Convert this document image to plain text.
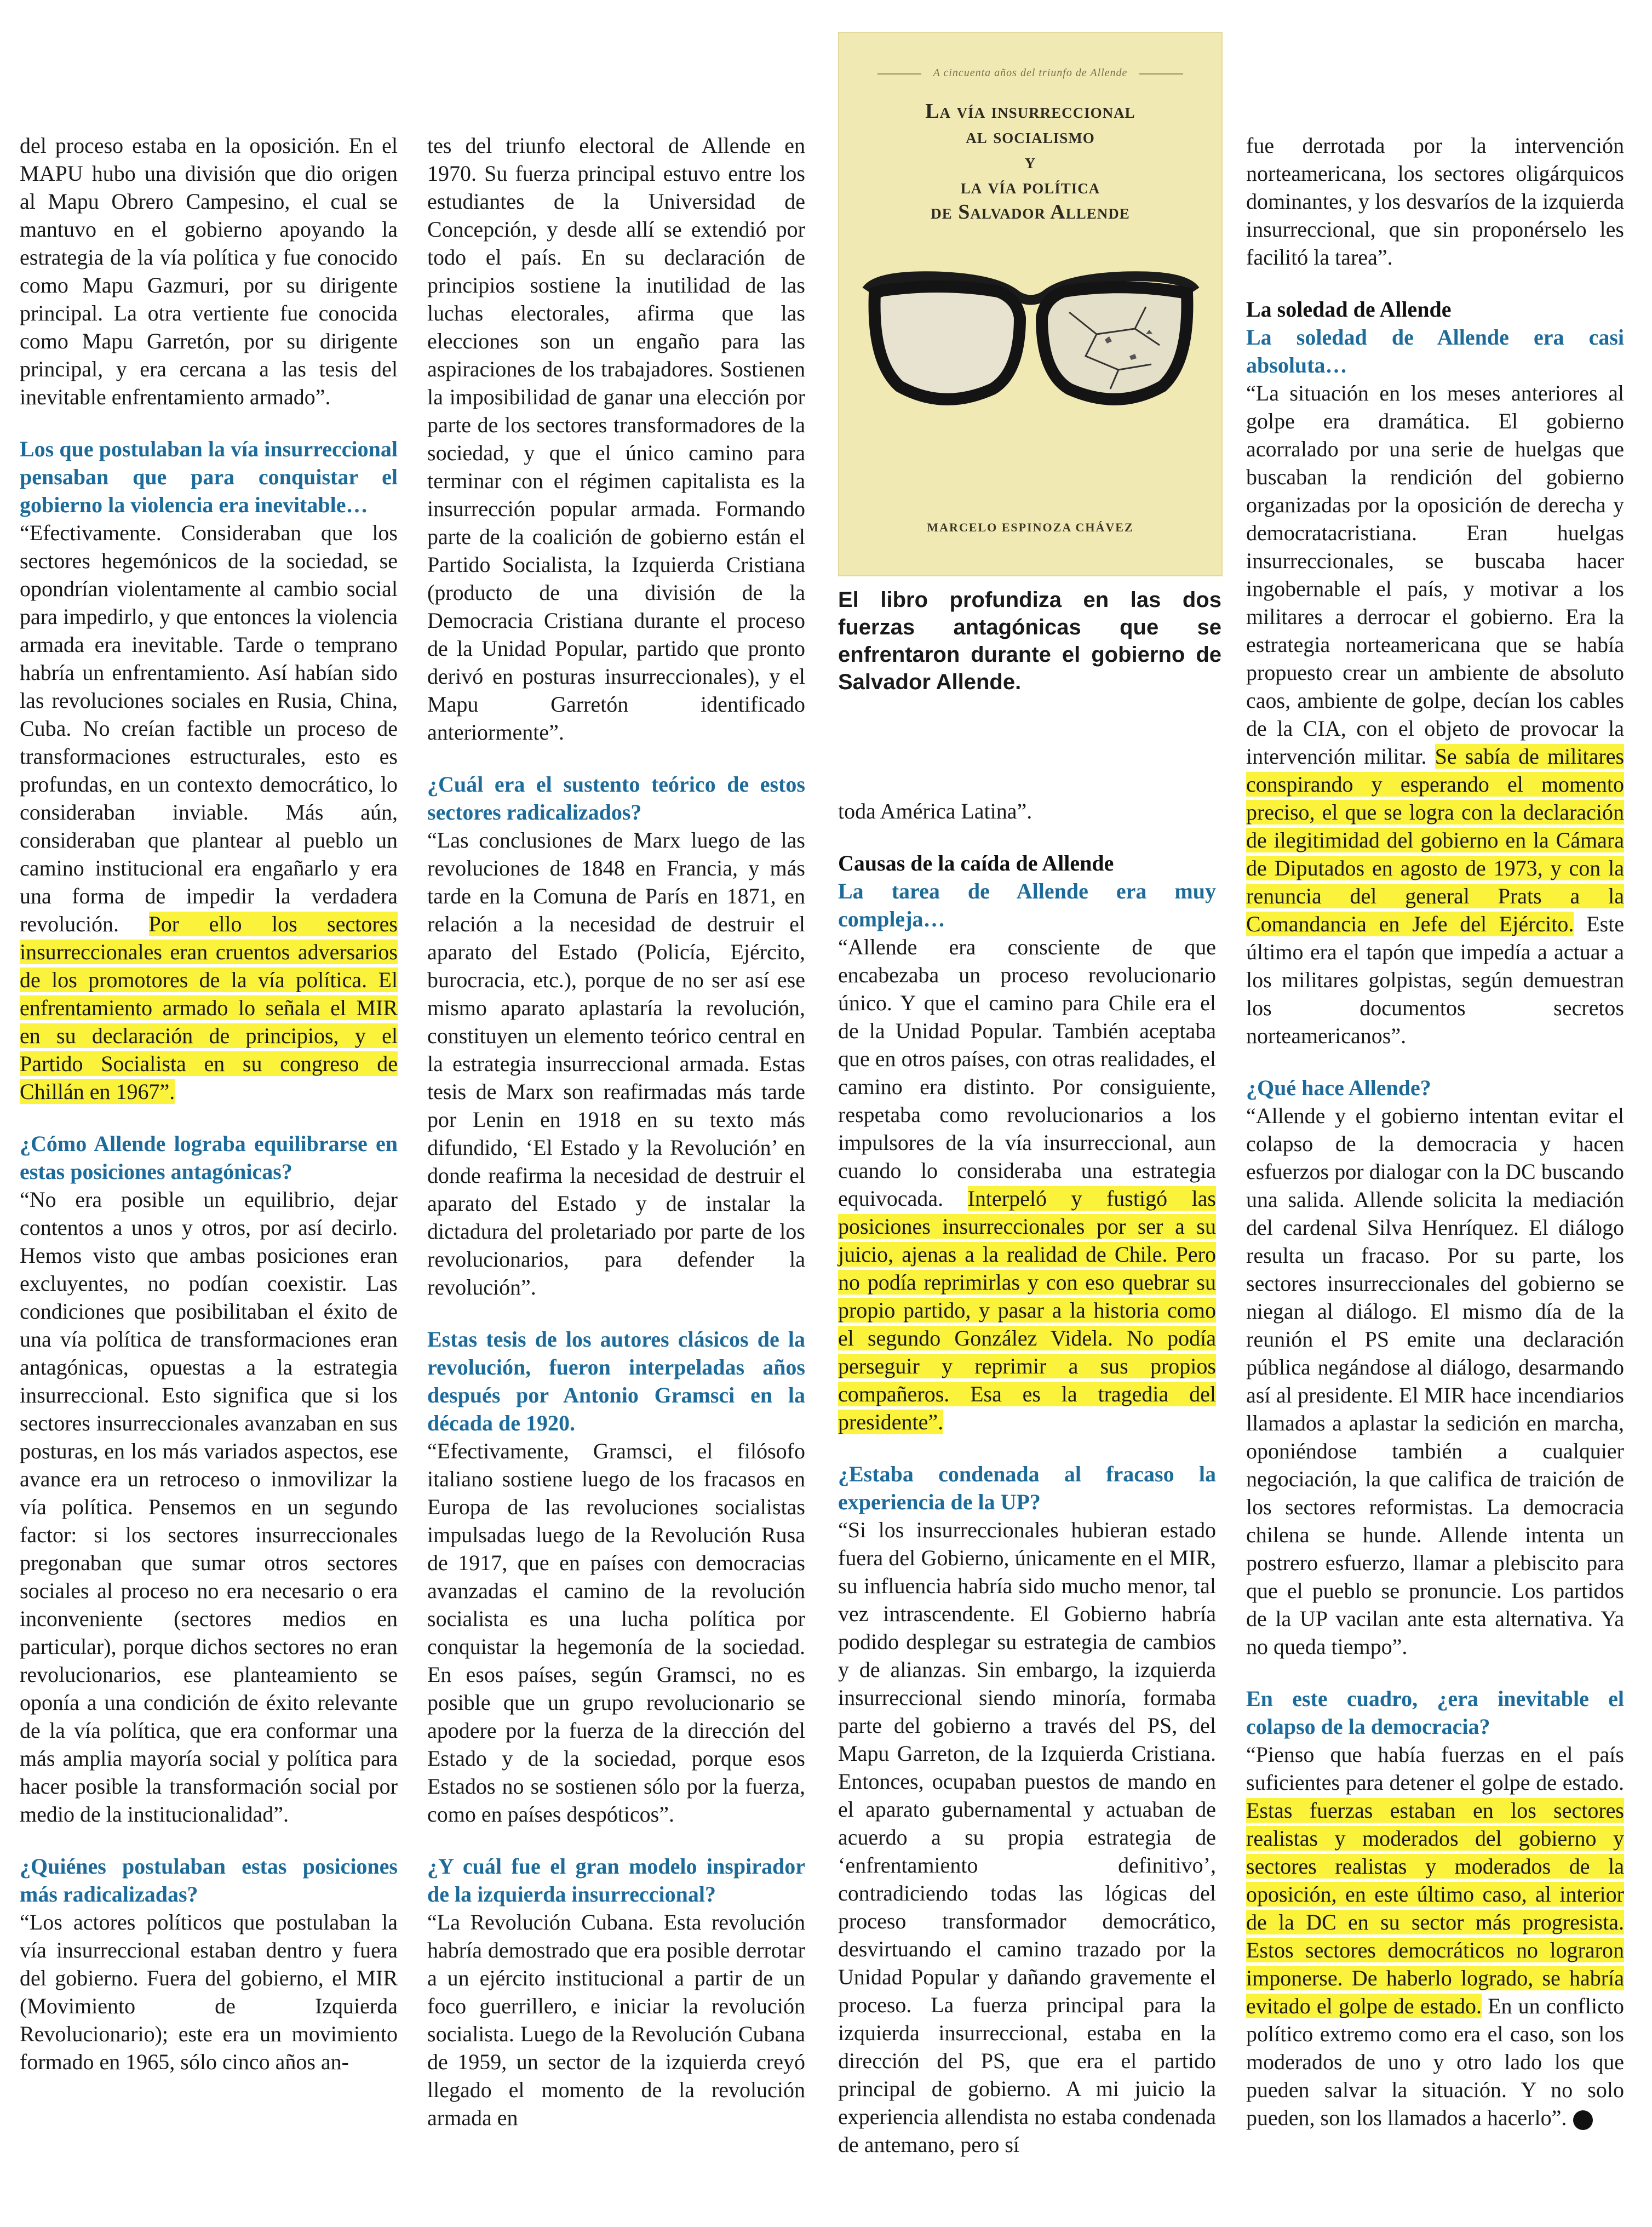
A cincuenta años del triunfo de Allende
La vía insurreccional
al socialismo
y
la vía política
de Salvador Allende
MARCELO ESPINOZA CHÁVEZ
El libro profundiza en las dos fuerzas antagónicas que se enfrentaron durante el gobierno de Salvador Allende.

del proceso estaba en la oposición. En el MAPU hubo una división que dio origen al Mapu Obrero Campesino, el cual se mantuvo en el gobierno apoyando la estrategia de la vía política y fue conocido como Mapu Gazmuri, por su dirigente principal. La otra vertiente fue conocida como Mapu Garretón, por su dirigente principal, y era cercana a las tesis del inevitable enfrentamiento armado”.

Los que postulaban la vía insurreccional pensaban que para conquistar el gobierno la violencia era inevitable…

“Efectivamente. Consideraban que los sectores hegemónicos de la sociedad, se opondrían violentamente al cambio social para impedirlo, y que entonces la violencia armada era inevitable. Tarde o temprano habría un enfrentamiento. Así habían sido las revoluciones sociales en Rusia, China, Cuba. No creían factible un proceso de transformaciones estructurales, esto es profundas, en un contexto democrático, lo consideraban inviable. Más aún, consideraban que plantear al pueblo un camino institucional era engañarlo y era una forma de impedir la verdadera revolución. Por ello los sectores insurreccionales eran cruentos adversarios de los promotores de la vía política. El enfrentamiento armado lo señala el MIR en su declaración de principios, y el Partido Socialista en su congreso de Chillán en 1967”.

¿Cómo Allende lograba equilibrarse en estas posiciones antagónicas?

“No era posible un equilibrio, dejar contentos a unos y otros, por así decirlo. Hemos visto que ambas posiciones eran excluyentes, no podían coexistir. Las condiciones que posibilitaban el éxito de una vía política de transformaciones eran antagónicas, opuestas a la estrategia insurreccional. Esto significa que si los sectores insurreccionales avanzaban en sus posturas, en los más variados aspectos, ese avance era un retroceso o inmovilizar la vía política. Pensemos en un segundo factor: si los sectores insurreccionales pregonaban que sumar otros sectores sociales al proceso no era necesario o era inconveniente (sectores medios en particular), porque dichos sectores no eran revolucionarios, ese planteamiento se oponía a una condición de éxito relevante de la vía política, que era conformar una más amplia mayoría social y política para hacer posible la transformación social por medio de la institucionalidad”.

¿Quiénes postulaban estas posiciones más radicalizadas?

“Los actores políticos que postulaban la vía insurreccional estaban dentro y fuera del gobierno. Fuera del gobierno, el MIR (Movimiento de Izquierda Revolucionario); este era un movimiento formado en 1965, sólo cinco años an-

tes del triunfo electoral de Allende en 1970. Su fuerza principal estuvo entre los estudiantes de la Universidad de Concepción, y desde allí se extendió por todo el país. En su declaración de principios sostiene la inutilidad de las luchas electorales, afirma que las elecciones son un engaño para las aspiraciones de los trabajadores. Sostienen la imposibilidad de ganar una elección por parte de los sectores transformadores de la sociedad, y que el único camino para terminar con el régimen capitalista es la insurrección popular armada. Formando parte de la coalición de gobierno están el Partido Socialista, la Izquierda Cristiana (producto de una división de la Democracia Cristiana durante el proceso de la Unidad Popular, partido que pronto derivó en posturas insurreccionales), y el Mapu Garretón identificado anteriormente”.

¿Cuál era el sustento teórico de estos sectores radicalizados?

“Las conclusiones de Marx luego de las revoluciones de 1848 en Francia, y más tarde en la Comuna de París en 1871, en relación a la necesidad de destruir el aparato del Estado (Policía, Ejército, burocracia, etc.), porque de no ser así ese mismo aparato aplastaría la revolución, constituyen un elemento teórico central en la estrategia insurreccional armada. Estas tesis de Marx son reafirmadas más tarde por Lenin en 1918 en su texto más difundido, ‘El Estado y la Revolución’ en donde reafirma la necesidad de destruir el aparato del Estado y de instalar la dictadura del proletariado por parte de los revolucionarios, para defender la revolución”.

Estas tesis de los autores clásicos de la revolución, fueron interpeladas años después por Antonio Gramsci en la década de 1920.

“Efectivamente, Gramsci, el filósofo italiano sostiene luego de los fracasos en Europa de las revoluciones socialistas impulsadas luego de la Revolución Rusa de 1917, que en países con democracias avanzadas el camino de la revolución socialista es una lucha política por conquistar la hegemonía de la sociedad. En esos países, según Gramsci, no es posible que un grupo revolucionario se apodere por la fuerza de la dirección del Estado y de la sociedad, porque esos Estados no se sostienen sólo por la fuerza, como en países despóticos”.

¿Y cuál fue el gran modelo inspirador de la izquierda insurreccional?

“La Revolución Cubana. Esta revolución habría demostrado que era posible derrotar a un ejército institucional a partir de un foco guerrillero, e iniciar la revolución socialista. Luego de la Revolución Cubana de 1959, un sector de la izquierda creyó llegado el momento de la revolución armada en

toda América Latina”.

Causas de la caída de Allende

La tarea de Allende era muy compleja…

“Allende era consciente de que encabezaba un proceso revolucionario único. Y que el camino para Chile era el de la Unidad Popular. También aceptaba que en otros países, con otras realidades, el camino era distinto. Por consiguiente, respetaba como revolucionarios a los impulsores de la vía insurreccional, aun cuando lo consideraba una estrategia equivocada. Interpeló y fustigó las posiciones insurreccionales por ser a su juicio, ajenas a la realidad de Chile. Pero no podía reprimirlas y con eso quebrar su propio partido, y pasar a la historia como el segundo González Videla. No podía perseguir y reprimir a sus propios compañeros. Esa es la tragedia del presidente”.

¿Estaba condenada al fracaso la experiencia de la UP?

“Si los insurreccionales hubieran estado fuera del Gobierno, únicamente en el MIR, su influencia habría sido mucho menor, tal vez intrascendente. El Gobierno habría podido desplegar su estrategia de cambios y de alianzas. Sin embargo, la izquierda insurreccional siendo minoría, formaba parte del gobierno a través del PS, del Mapu Garreton, de la Izquierda Cristiana. Entonces, ocupaban puestos de mando en el aparato gubernamental y actuaban de acuerdo a su propia estrategia de ‘enfrentamiento definitivo’, contradiciendo todas las lógicas del proceso transformador democrático, desvirtuando el camino trazado por la Unidad Popular y dañando gravemente el proceso. La fuerza principal para la izquierda insurreccional, estaba en la dirección del PS, que era el partido principal de gobierno. A mi juicio la experiencia allendista no estaba condenada de antemano, pero sí

fue derrotada por la intervención norteamericana, los sectores oligárquicos dominantes, y los desvaríos de la izquierda insurreccional, que sin proponérselo les facilitó la tarea”.

La soledad de Allende

La soledad de Allende era casi absoluta…

“La situación en los meses anteriores al golpe era dramática. El gobierno acorralado por una serie de huelgas que buscaban la rendición del gobierno organizadas por la oposición de derecha y democratacristiana. Eran huelgas insurreccionales, se buscaba hacer ingobernable el país, y motivar a los militares a derrocar el gobierno. Era la estrategia norteamericana que se había propuesto crear un ambiente de absoluto caos, ambiente de golpe, decían los cables de la CIA, con el objeto de provocar la intervención militar. Se sabía de militares conspirando y esperando el momento preciso, el que se logra con la declaración de ilegitimidad del gobierno en la Cámara de Diputados en agosto de 1973, y con la renuncia del general Prats a la Comandancia en Jefe del Ejército. Este último era el tapón que impedía a actuar a los militares golpistas, según demuestran los documentos secretos norteamericanos”.

¿Qué hace Allende?

“Allende y el gobierno intentan evitar el colapso de la democracia y hacen esfuerzos por dialogar con la DC buscando una salida. Allende solicita la mediación del cardenal Silva Henríquez. El diálogo resulta un fracaso. Por su parte, los sectores insurreccionales del gobierno se niegan al diálogo. El mismo día de la reunión el PS emite una declaración pública negándose al diálogo, desarmando así al presidente. El MIR hace incendiarios llamados a aplastar la sedición en marcha, oponiéndose también a cualquier negociación, la que califica de traición de los sectores reformistas. La democracia chilena se hunde. Allende intenta un postrero esfuerzo, llamar a plebiscito para que el pueblo se pronuncie. Los partidos de la UP vacilan ante esta alternativa. Ya no queda tiempo”.

En este cuadro, ¿era inevitable el colapso de la democracia?

“Pienso que había fuerzas en el país suficientes para detener el golpe de estado. Estas fuerzas estaban en los sectores realistas y moderados del gobierno y sectores realistas y moderados de la oposición, en este último caso, al interior de la DC en su sector más progresista. Estos sectores democráticos no lograron imponerse. De haberlo logrado, se habría evitado el golpe de estado. En un conflicto político extremo como era el caso, son los moderados de uno y otro lado los que pueden salvar la situación. Y no solo pueden, son los llamados a hacerlo”.
